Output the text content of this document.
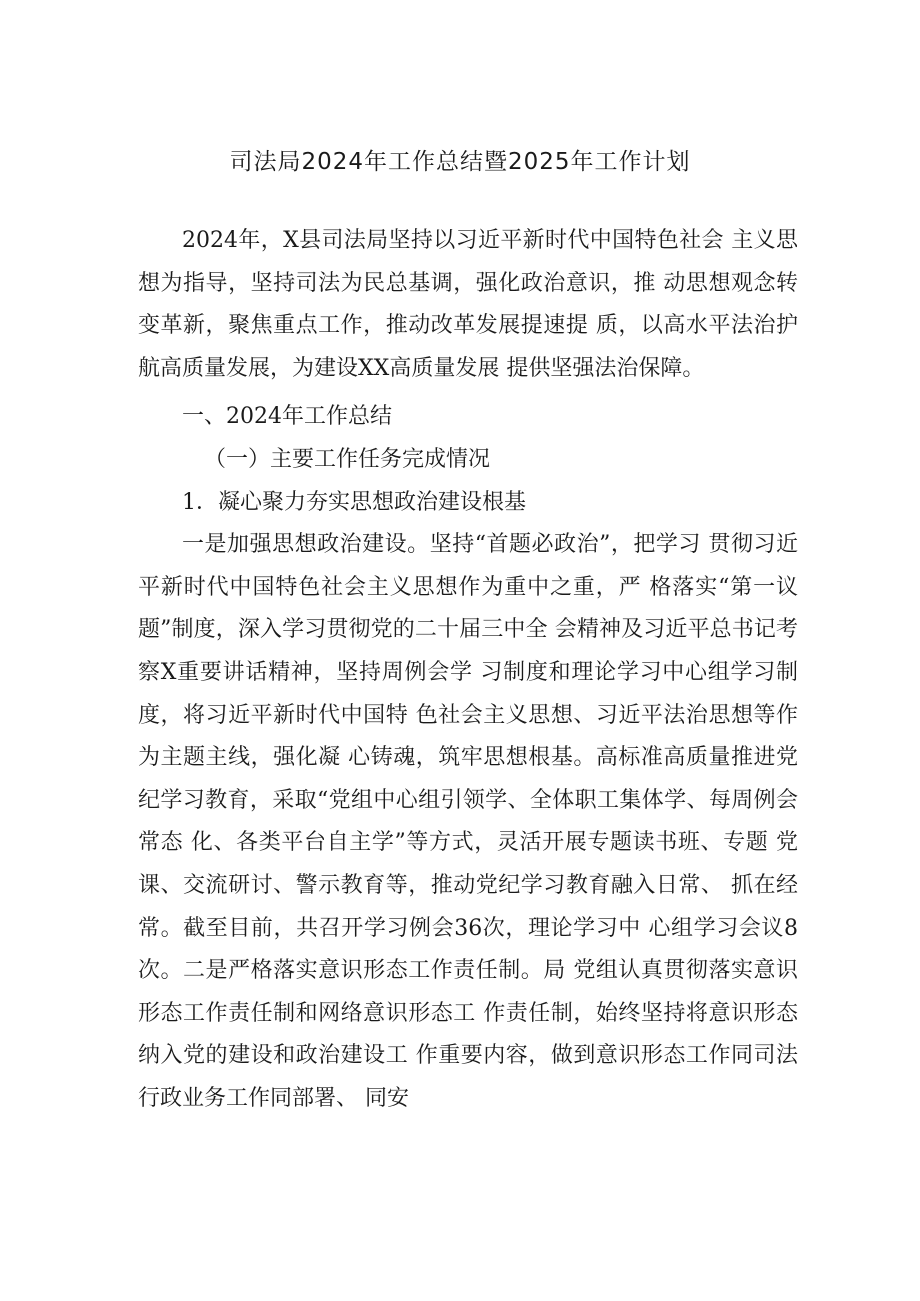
司法局2024年工作总结暨2025年工作计划

2024年，X县司法局坚持以习近平新时代中国特色社会 主义思想为指导，坚持司法为民总基调，强化政治意识，推 动思想观念转变革新，聚焦重点工作，推动改革发展提速提 质，以高水平法治护航高质量发展，为建设XX高质量发展 提供坚强法治保障。

一、2024年工作总结

（一）主要工作任务完成情况

1．凝心聚力夯实思想政治建设根基

一是加强思想政治建设。坚持“首题必政治”，把学习 贯彻习近平新时代中国特色社会主义思想作为重中之重，严 格落实“第一议题”制度，深入学习贯彻党的二十届三中全 会精神及习近平总书记考察X重要讲话精神，坚持周例会学 习制度和理论学习中心组学习制度，将习近平新时代中国特 色社会主义思想、习近平法治思想等作为主题主线，强化凝 心铸魂，筑牢思想根基。高标准高质量推进党纪学习教育，采取“党组中心组引领学、全体职工集体学、每周例会常态 化、各类平台自主学”等方式，灵活开展专题读书班、专题 党课、交流研讨、警示教育等，推动党纪学习教育融入日常、 抓在经常。截至目前，共召开学习例会36次，理论学习中 心组学习会议8次。二是严格落实意识形态工作责任制。局 党组认真贯彻落实意识形态工作责任制和网络意识形态工 作责任制，始终坚持将意识形态纳入党的建设和政治建设工 作重要内容，做到意识形态工作同司法行政业务工作同部署、 同安
